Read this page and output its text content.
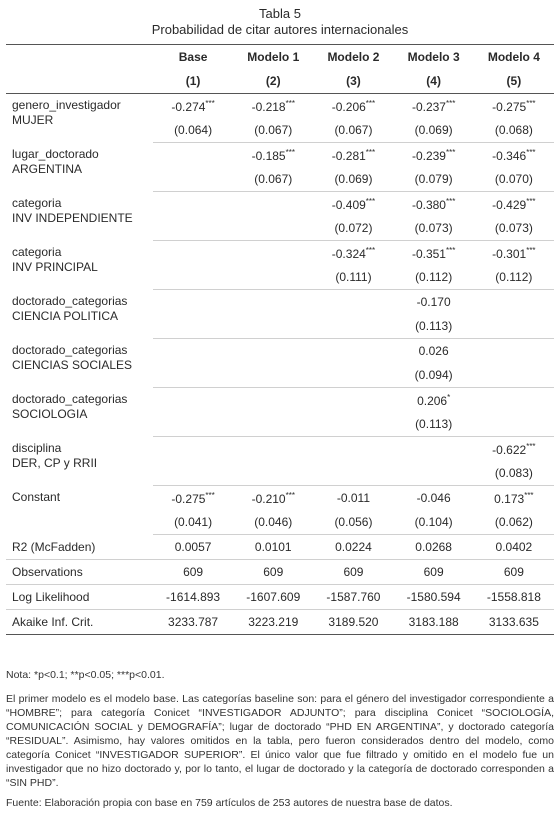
Tabla 5
Probabilidad de citar autores internacionales
	Base	Modelo 1	Modelo 2	Modelo 3	Modelo 4
	(1)	(2)	(3)	(4)	(5)

genero_investigador
MUJER	-0.274***	-0.218***	-0.206***	-0.237***	-0.275***
	(0.064)	(0.067)	(0.067)	(0.069)	(0.068)

lugar_doctorado
ARGENTINA		-0.185***	-0.281***	-0.239***	-0.346***
		(0.067)	(0.069)	(0.079)	(0.070)

categoria
INV INDEPENDIENTE			-0.409***	-0.380***	-0.429***
			(0.072)	(0.073)	(0.073)

categoria
INV PRINCIPAL			-0.324***	-0.351***	-0.301***
			(0.111)	(0.112)	(0.112)

doctorado_categorias
CIENCIA POLITICA				-0.170	
				(0.113)	

doctorado_categorias
CIENCIAS SOCIALES				0.026	
				(0.094)	

doctorado_categorias
SOCIOLOGIA				0.206*	
				(0.113)	

disciplina
DER, CP y RRII					-0.622***
					(0.083)

Constant	-0.275***	-0.210***	-0.011	-0.046	0.173***
	(0.041)	(0.046)	(0.056)	(0.104)	(0.062)
R2 (McFadden)	0.0057	0.0101	0.0224	0.0268	0.0402
Observations	609	609	609	609	609
Log Likelihood	-1614.893	-1607.609	-1587.760	-1580.594	-1558.818
Akaike Inf. Crit.	3233.787	3223.219	3189.520	3183.188	3133.635

Nota: *p<0.1; **p<0.05; ***p<0.01.

El primer modelo es el modelo base. Las categorías baseline son: para el género del investigador correspondiente a “HOMBRE”; para categoría Conicet “INVESTIGADOR ADJUNTO”; para disciplina Conicet “SOCIOLOGÍA, COMUNICACIÓN SOCIAL y DEMOGRAFÍA”; lugar de doctorado “PHD EN ARGENTINA”, y doctorado categoría “RESIDUAL”. Asimismo, hay valores omitidos en la tabla, pero fueron considerados dentro del modelo, como categoría Conicet “INVESTIGADOR SUPERIOR”. El único valor que fue filtrado y omitido en el modelo fue un investigador que no hizo doctorado y, por lo tanto, el lugar de doctorado y la categoría de doctorado corresponden a “SIN PHD”.

Fuente: Elaboración propia con base en 759 artículos de 253 autores de nuestra base de datos.
